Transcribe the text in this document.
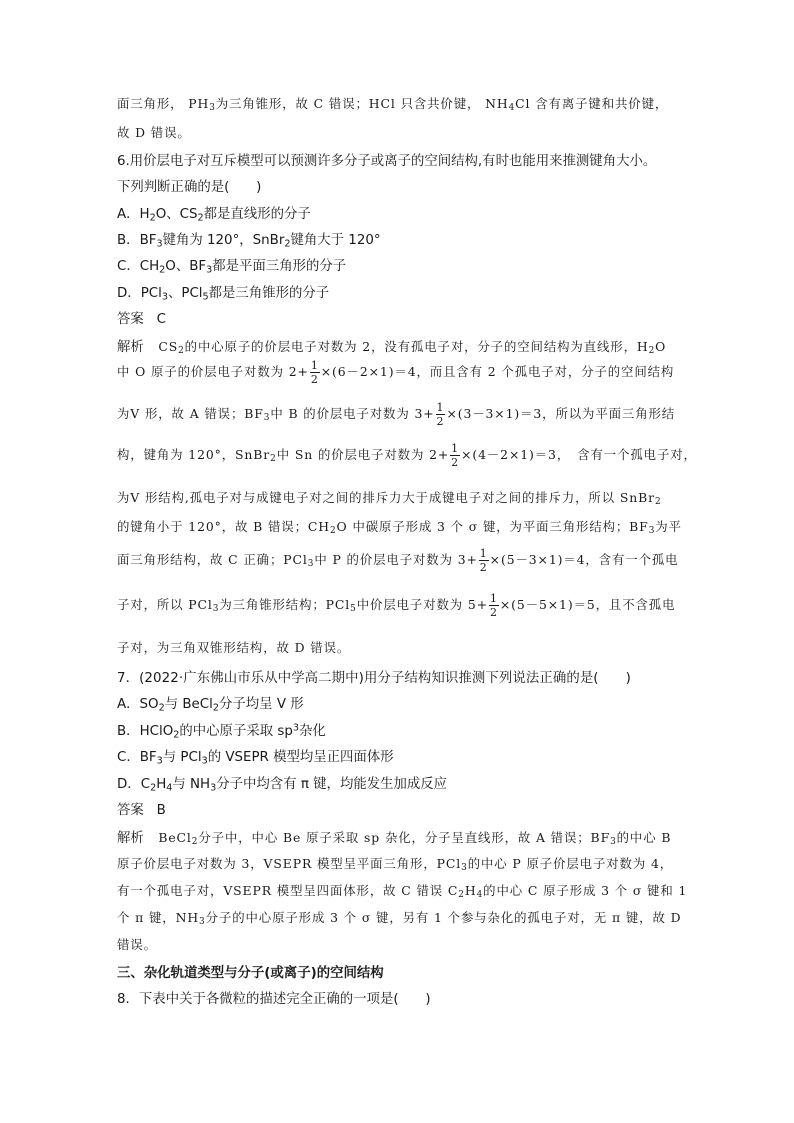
面三角形， $PH_3$为三角锥形，故 C 错误；HCl 只含共价键， $NH_4Cl$ 含有离子键和共价键，

故 D 错误。

6.用价层电子对互斥模型可以预测许多分子或离子的空间结构,有时也能用来推测键角大小。

下列判断正确的是(　　)

A．$H_2O$、$CS_2$都是直线形的分子

B．$BF_3$键角为 120°，SnBr$_2$键角大于 120°

C．$CH_2O$、$BF_3$都是平面三角形的分子

D．PCl$_3$、PCl$_5$都是三角锥形的分子

答案 C

解析 $CS_2$的中心原子的价层电子对数为 2，没有孤电子对，分子的空间结构为直线形，$H_2O$

中 O 原子的价层电子对数为 $2+ \frac{1}{2} \times(6-2\times 1)=4$，而且含有 2 个孤电子对，分子的空间结构

为V 形，故 A 错误；$BF_3$中 B 的价层电子对数为 $3+ \frac{1}{2} \times(3-3\times 1)=3$，所以为平面三角形结

构，键角为 120°，SnBr$_2$中 Sn 的价层电子对数为 $2+ \frac{1}{2} \times(4-2\times 1)=3$，　含有一个孤电子对，

为V 形结构,孤电子对与成键电子对之间的排斥力大于成键电子对之间的排斥力，所以 SnBr$_2$

的键角小于 120°，故 B 错误；$CH_2O$ 中碳原子形成 3 个 σ 键，为平面三角形结构；$BF_3$为平

面三角形结构，故 C 正确；PCl$_3$中 P 的价层电子对数为 $3+ \frac{1}{2} \times(5-3\times 1)=4$，含有一个孤电

子对，所以 PCl$_3$为三角锥形结构；PCl$_5$中价层电子对数为 $5+ \frac{1}{2} \times(5-5\times 1)=5$，且不含孤电

子对，为三角双锥形结构，故 D 错误。

7．(2022·广东佛山市乐从中学高二期中)用分子结构知识推测下列说法正确的是(　　)

A．$SO_2$与 BeCl$_2$分子均呈 V 形

B．HClO$_2$的中心原子采取 $sp^3$杂化

C．$BF_3$与 PCl$_3$的 VSEPR 模型均呈正四面体形

D．$C_2H_4$与 $NH_3$分子中均含有 π 键，均能发生加成反应

答案 B

解析 BeCl$_2$分子中，中心 Be 原子采取 sp 杂化，分子呈直线形，故 A 错误；$BF_3$的中心 B

原子价层电子对数为 3，VSEPR 模型呈平面三角形，PCl$_3$的中心 P 原子价层电子对数为 4，

有一个孤电子对，VSEPR 模型呈四面体形，故 C 错误 $C_2H_4$的中心 C 原子形成 3 个 σ 键和 1

个 π 键，$NH_3$分子的中心原子形成 3 个 σ 键，另有 1 个参与杂化的孤电子对，无 π 键，故 D

错误。

三、杂化轨道类型与分子(或离子)的空间结构

8．下表中关于各微粒的描述完全正确的一项是(　　)
